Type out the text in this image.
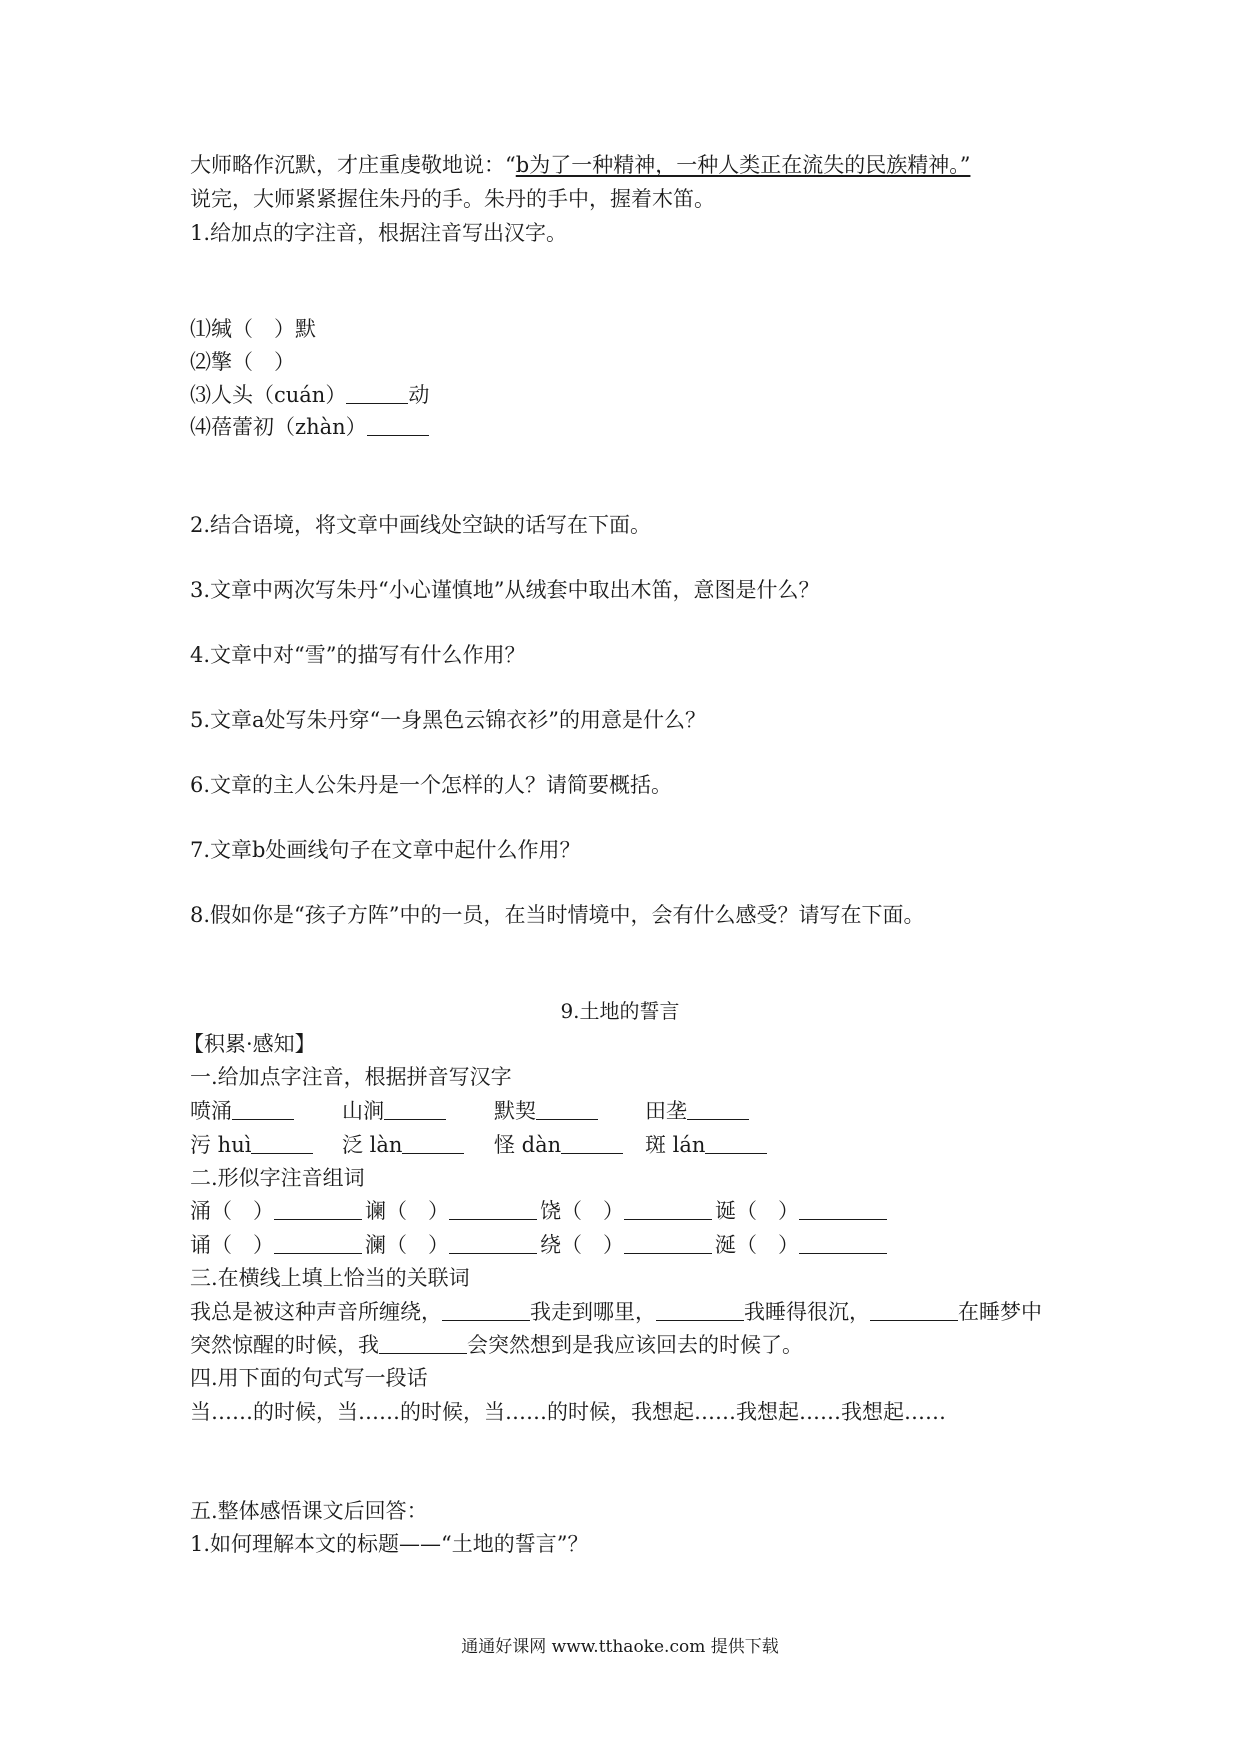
大师略作沉默，才庄重虔敬地说：“b为了一种精神，一种人类正在流失的民族精神。”
说完，大师紧紧握住朱丹的手。朱丹的手中，握着木笛。
1.给加点的字注音，根据注音写出汉字。
⑴缄（　）默
⑵擎（　）
⑶人头（cuán）	动
⑷蓓蕾初（zhàn）
2.结合语境，将文章中画线处空缺的话写在下面。
3.文章中两次写朱丹“小心谨慎地”从绒套中取出木笛，意图是什么？
4.文章中对“雪”的描写有什么作用？
5.文章a处写朱丹穿“一身黑色云锦衣衫”的用意是什么？
6.文章的主人公朱丹是一个怎样的人？请简要概括。
7.文章b处画线句子在文章中起什么作用？
8.假如你是“孩子方阵”中的一员，在当时情境中，会有什么感受？请写在下面。
9.土地的誓言
【积累·感知】
一.给加点字注音，根据拼音写汉字
喷涌	山涧	默契	田垄
污 huì	泛 làn	怪 dàn	斑 lán
二.形似字注音组词
涌（　）	谰（　）	饶（　）	诞（　）
诵（　）	澜（　）	绕（　）	涎（　）
三.在横线上填上恰当的关联词
我总是被这种声音所缠绕，	我走到哪里，	我睡得很沉，	在睡梦中
突然惊醒的时候，我	会突然想到是我应该回去的时候了。
四.用下面的句式写一段话
当……的时候，当……的时候，当……的时候，我想起……我想起……我想起……
五.整体感悟课文后回答：
1.如何理解本文的标题——“土地的誓言”？
通通好课网 www.tthaoke.com 提供下载
